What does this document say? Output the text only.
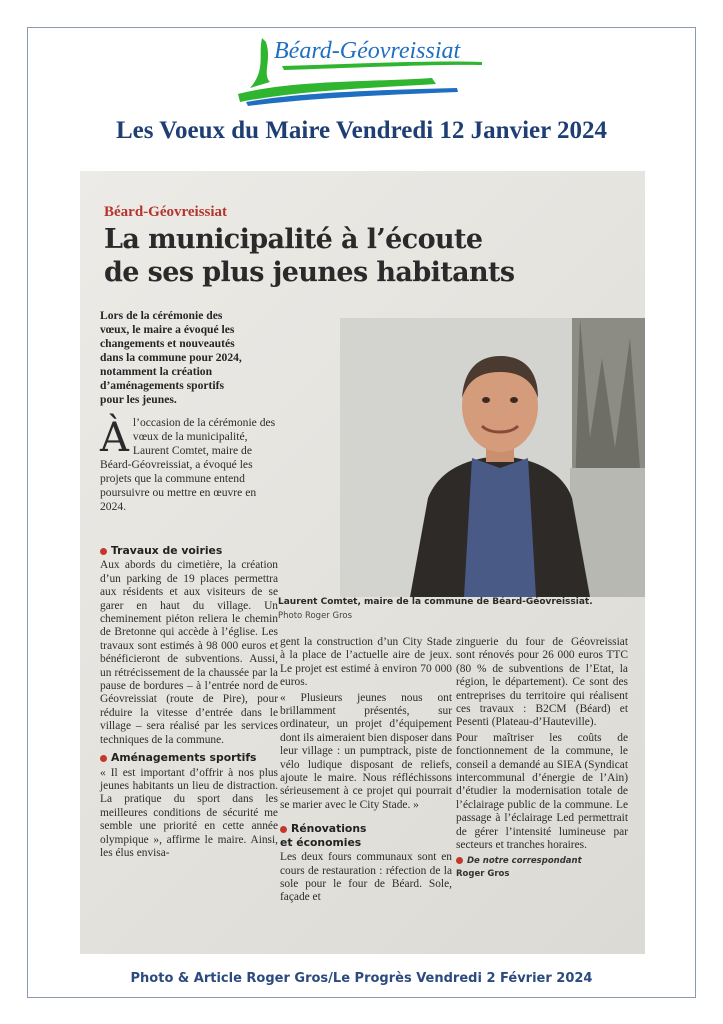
Béard-Géovreissiat
Les Voeux du Maire Vendredi 12 Janvier 2024
Béard-Géovreissiat
La municipalité à l’écoute
de ses plus jeunes habitants
Lors de la cérémonie des vœux, le maire a évoqué les changements et nouveautés dans la commune pour 2024, notamment la création d’aménagements sportifs pour les jeunes.
À l’occasion de la cérémonie des vœux de la municipalité, Laurent Comtet, maire de Béard-Géovreissiat, a évoqué les projets que la commune entend poursuivre ou mettre en œuvre en 2024.
Laurent Comtet, maire de la commune de Béard-Géovreissiat.
Photo Roger Gros
Travaux de voiries

Aux abords du cimetière, la création d’un parking de 19 places permettra aux résidents et aux visiteurs de se garer en haut du village. Un cheminement piéton reliera le chemin de Bretonne qui accède à l’église. Les travaux sont estimés à 98 000 euros et bénéficieront de subventions. Aussi, un rétrécissement de la chaussée par la pause de bordures – à l’entrée nord de Géovreissiat (route de Pire), pour réduire la vitesse d’entrée dans le village – sera réalisé par les services techniques de la commune.

Aménagements sportifs

« Il est important d’offrir à nos plus jeunes habitants un lieu de distraction. La pratique du sport dans les meilleures conditions de sécurité me semble une priorité en cette année olympique », affirme le maire. Ainsi, les élus envisa-

gent la construction d’un City Stade à la place de l’actuelle aire de jeux. Le projet est estimé à environ 70 000 euros.

« Plusieurs jeunes nous ont brillamment présentés, sur ordinateur, un projet d’équipement dont ils aimeraient bien disposer dans leur village : un pumptrack, piste de vélo ludique disposant de reliefs, ajoute le maire. Nous réfléchissons sérieusement à ce projet qui pourrait se marier avec le City Stade. »

Rénovations
et économies

Les deux fours communaux sont en cours de restauration : réfection de la sole pour le four de Béard. Sole, façade et

zinguerie du four de Géovreissiat sont rénovés pour 26 000 euros TTC (80 % de subventions de l’Etat, la région, le département). Ce sont des entreprises du territoire qui réalisent ces travaux : B2CM (Béard) et Pesenti (Plateau-d’Hauteville).

Pour maîtriser les coûts de fonctionnement de la commune, le conseil a demandé au SIEA (Syndicat intercommunal d’énergie de l’Ain) d’étudier la modernisation totale de l’éclairage public de la commune. Le passage à l’éclairage Led permettrait de gérer l’intensité lumineuse par secteurs et tranches horaires.

De notre correspondant
Roger Gros
Photo & Article Roger Gros/Le Progrès Vendredi 2 Février 2024
